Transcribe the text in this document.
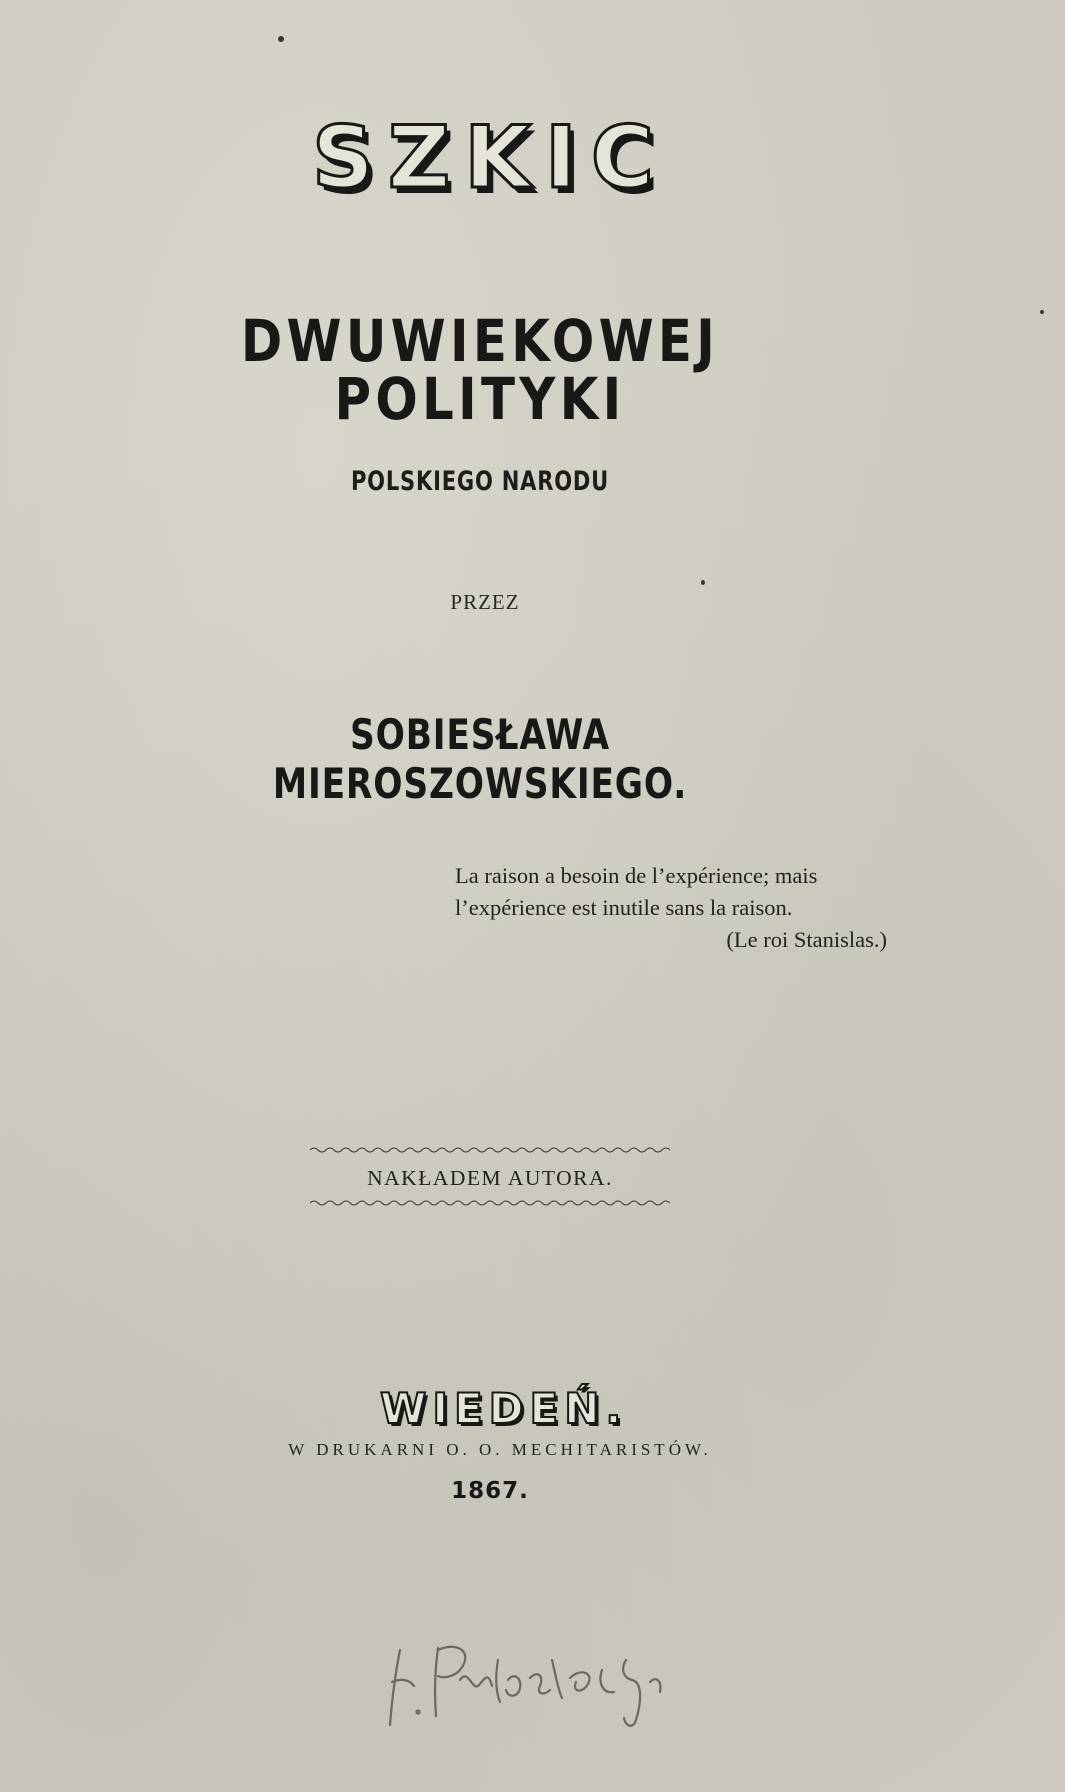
SZKIC
DWUWIEKOWEJ POLITYKI
POLSKIEGO NARODU
PRZEZ
SOBIESŁAWA MIEROSZOWSKIEGO.
La raison a besoin de l’expérience; mais
l’expérience est inutile sans la raison.
(Le roi Stanislas.)
NAKŁADEM AUTORA.
WIEDEŃ.
W DRUKARNI O. O. MECHITARISTÓW.
1867.
